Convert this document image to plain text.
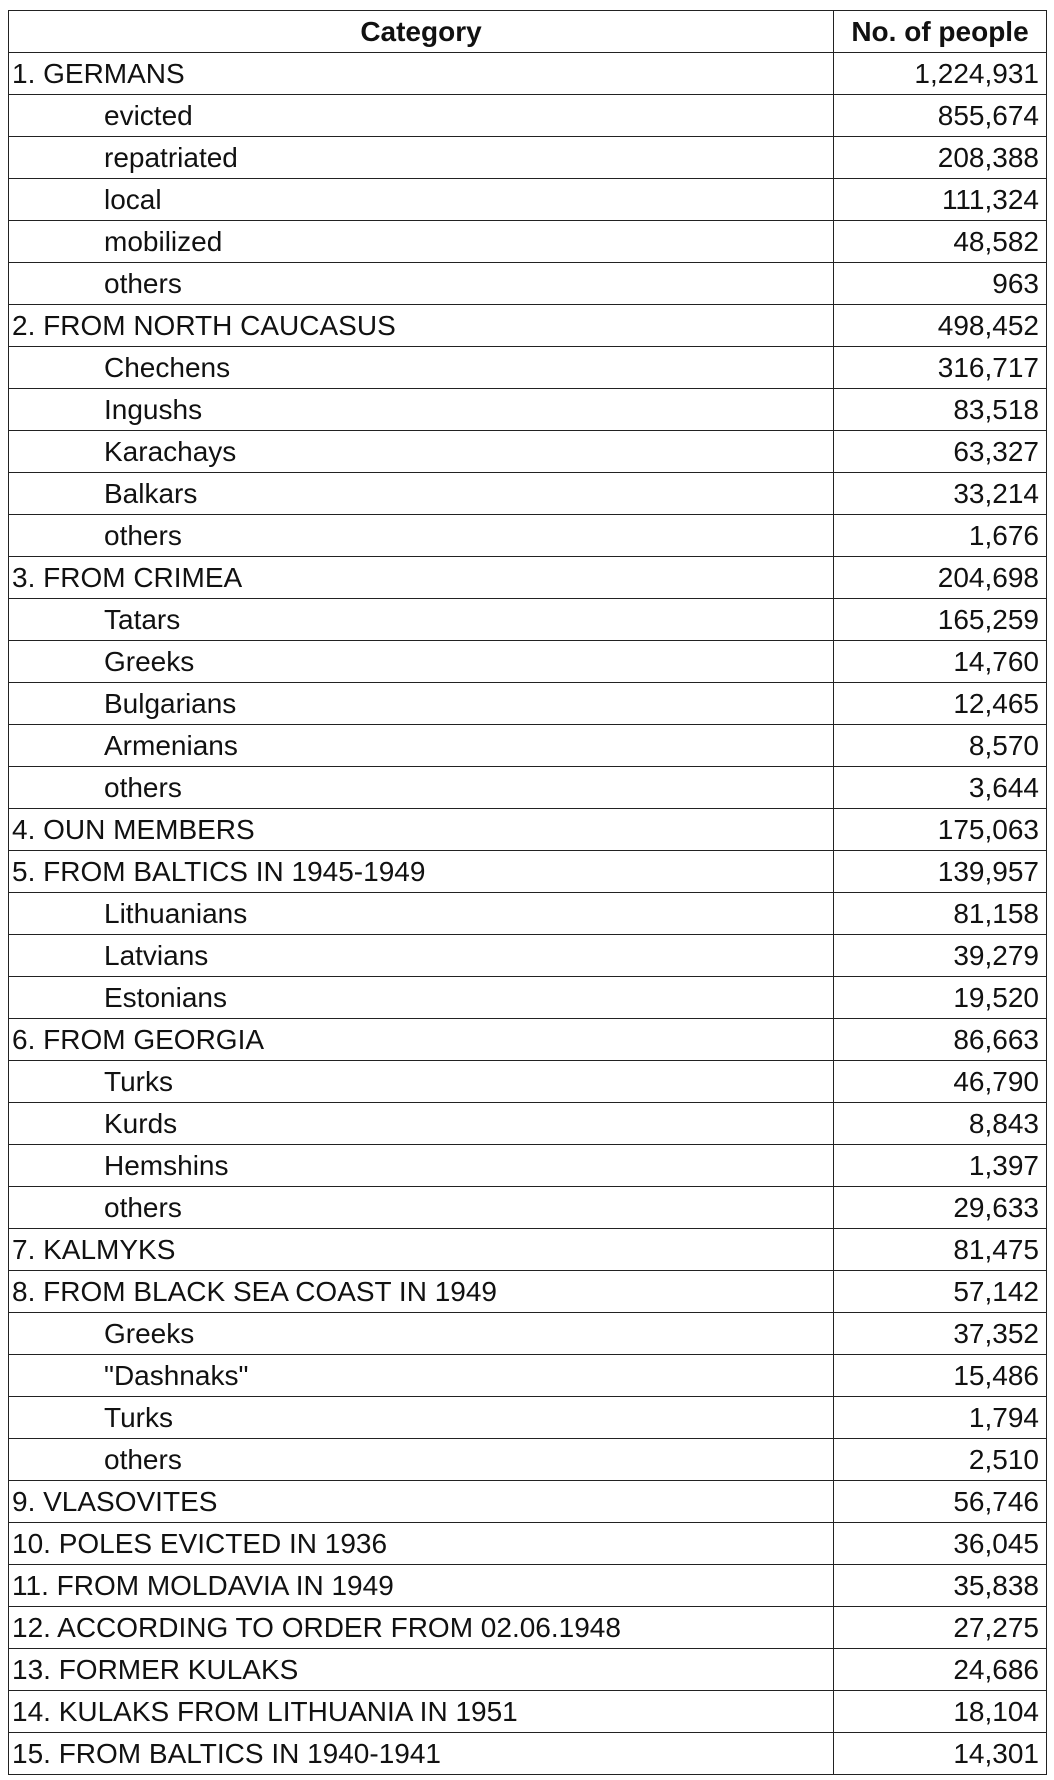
Category	No. of people
1. GERMANS	1,224,931
evicted	855,674
repatriated	208,388
local	111,324
mobilized	48,582
others	963
2. FROM NORTH CAUCASUS	498,452
Chechens	316,717
Ingushs	83,518
Karachays	63,327
Balkars	33,214
others	1,676
3. FROM CRIMEA	204,698
Tatars	165,259
Greeks	14,760
Bulgarians	12,465
Armenians	8,570
others	3,644
4. OUN MEMBERS	175,063
5. FROM BALTICS IN 1945-1949	139,957
Lithuanians	81,158
Latvians	39,279
Estonians	19,520
6. FROM GEORGIA	86,663
Turks	46,790
Kurds	8,843
Hemshins	1,397
others	29,633
7. KALMYKS	81,475
8. FROM BLACK SEA COAST IN 1949	57,142
Greeks	37,352
"Dashnaks"	15,486
Turks	1,794
others	2,510
9. VLASOVITES	56,746
10. POLES EVICTED IN 1936	36,045
11. FROM MOLDAVIA IN 1949	35,838
12. ACCORDING TO ORDER FROM 02.06.1948	27,275
13. FORMER KULAKS	24,686
14. KULAKS FROM LITHUANIA IN 1951	18,104
15. FROM BALTICS IN 1940-1941	14,301
